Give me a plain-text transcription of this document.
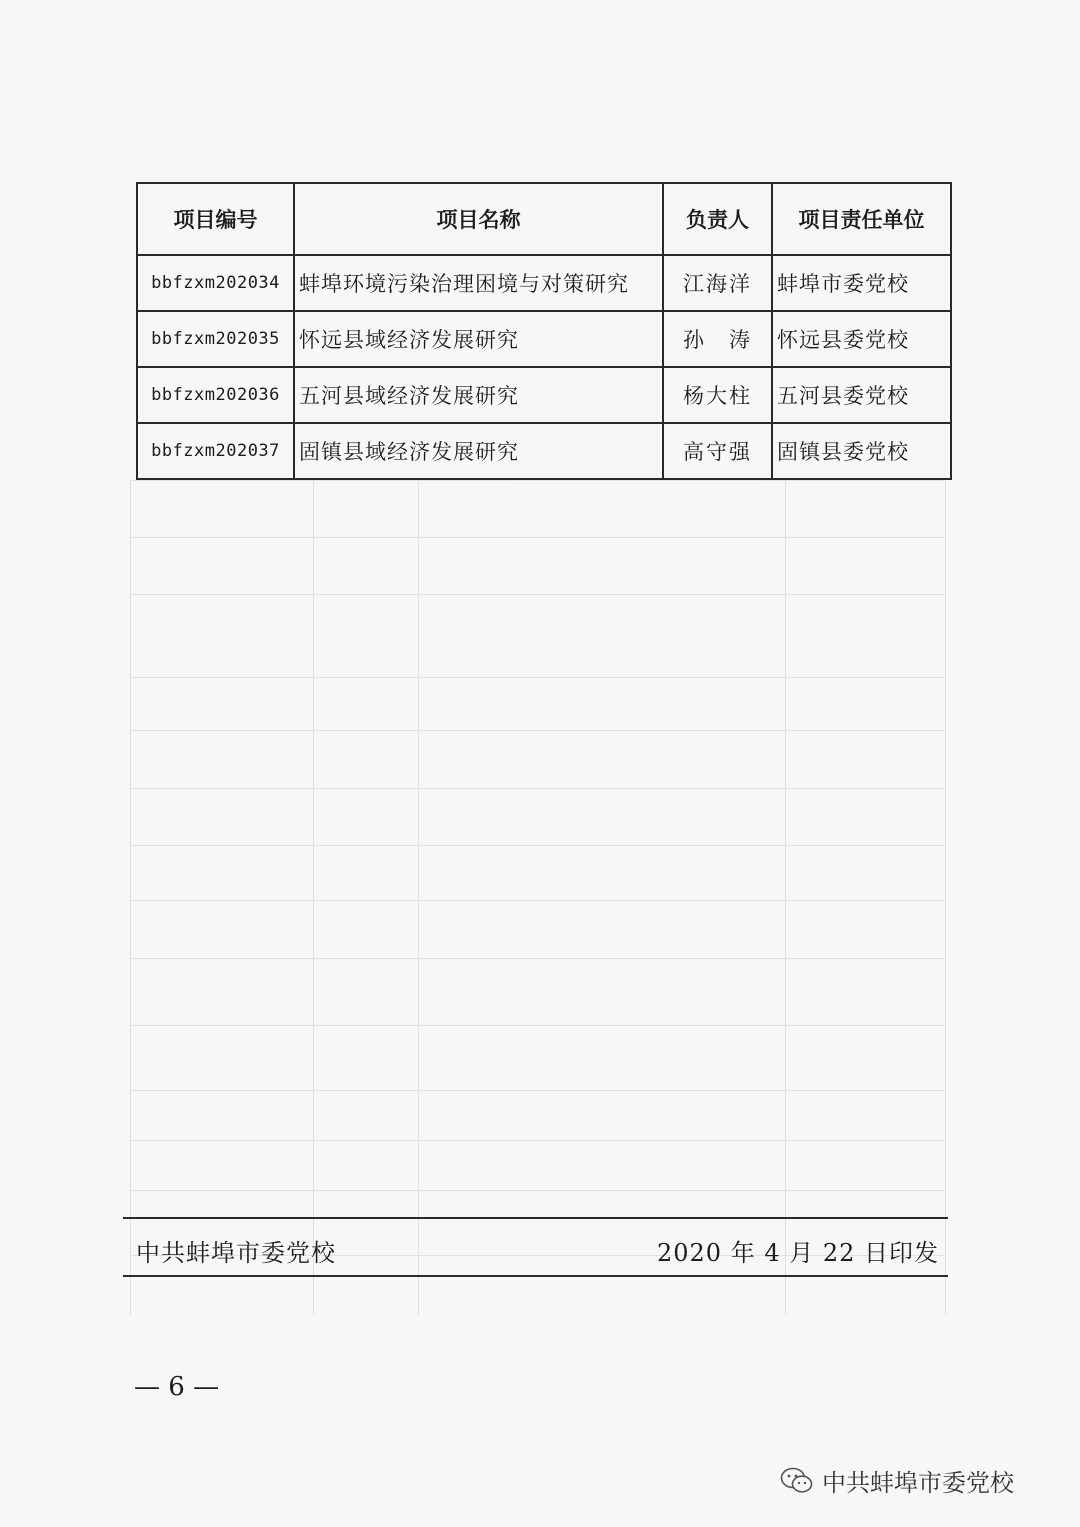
项目编号	项目名称	负责人	项目责任单位
bbfzxm202034	蚌埠环境污染治理困境与对策研究	江海洋	蚌埠市委党校
bbfzxm202035	怀远县域经济发展研究	孙　涛	怀远县委党校
bbfzxm202036	五河县域经济发展研究	杨大柱	五河县委党校
bbfzxm202037	固镇县域经济发展研究	高守强	固镇县委党校
中共蚌埠市委党校	2020 年 4 月 22 日印发
— 6 —
中共蚌埠市委党校
